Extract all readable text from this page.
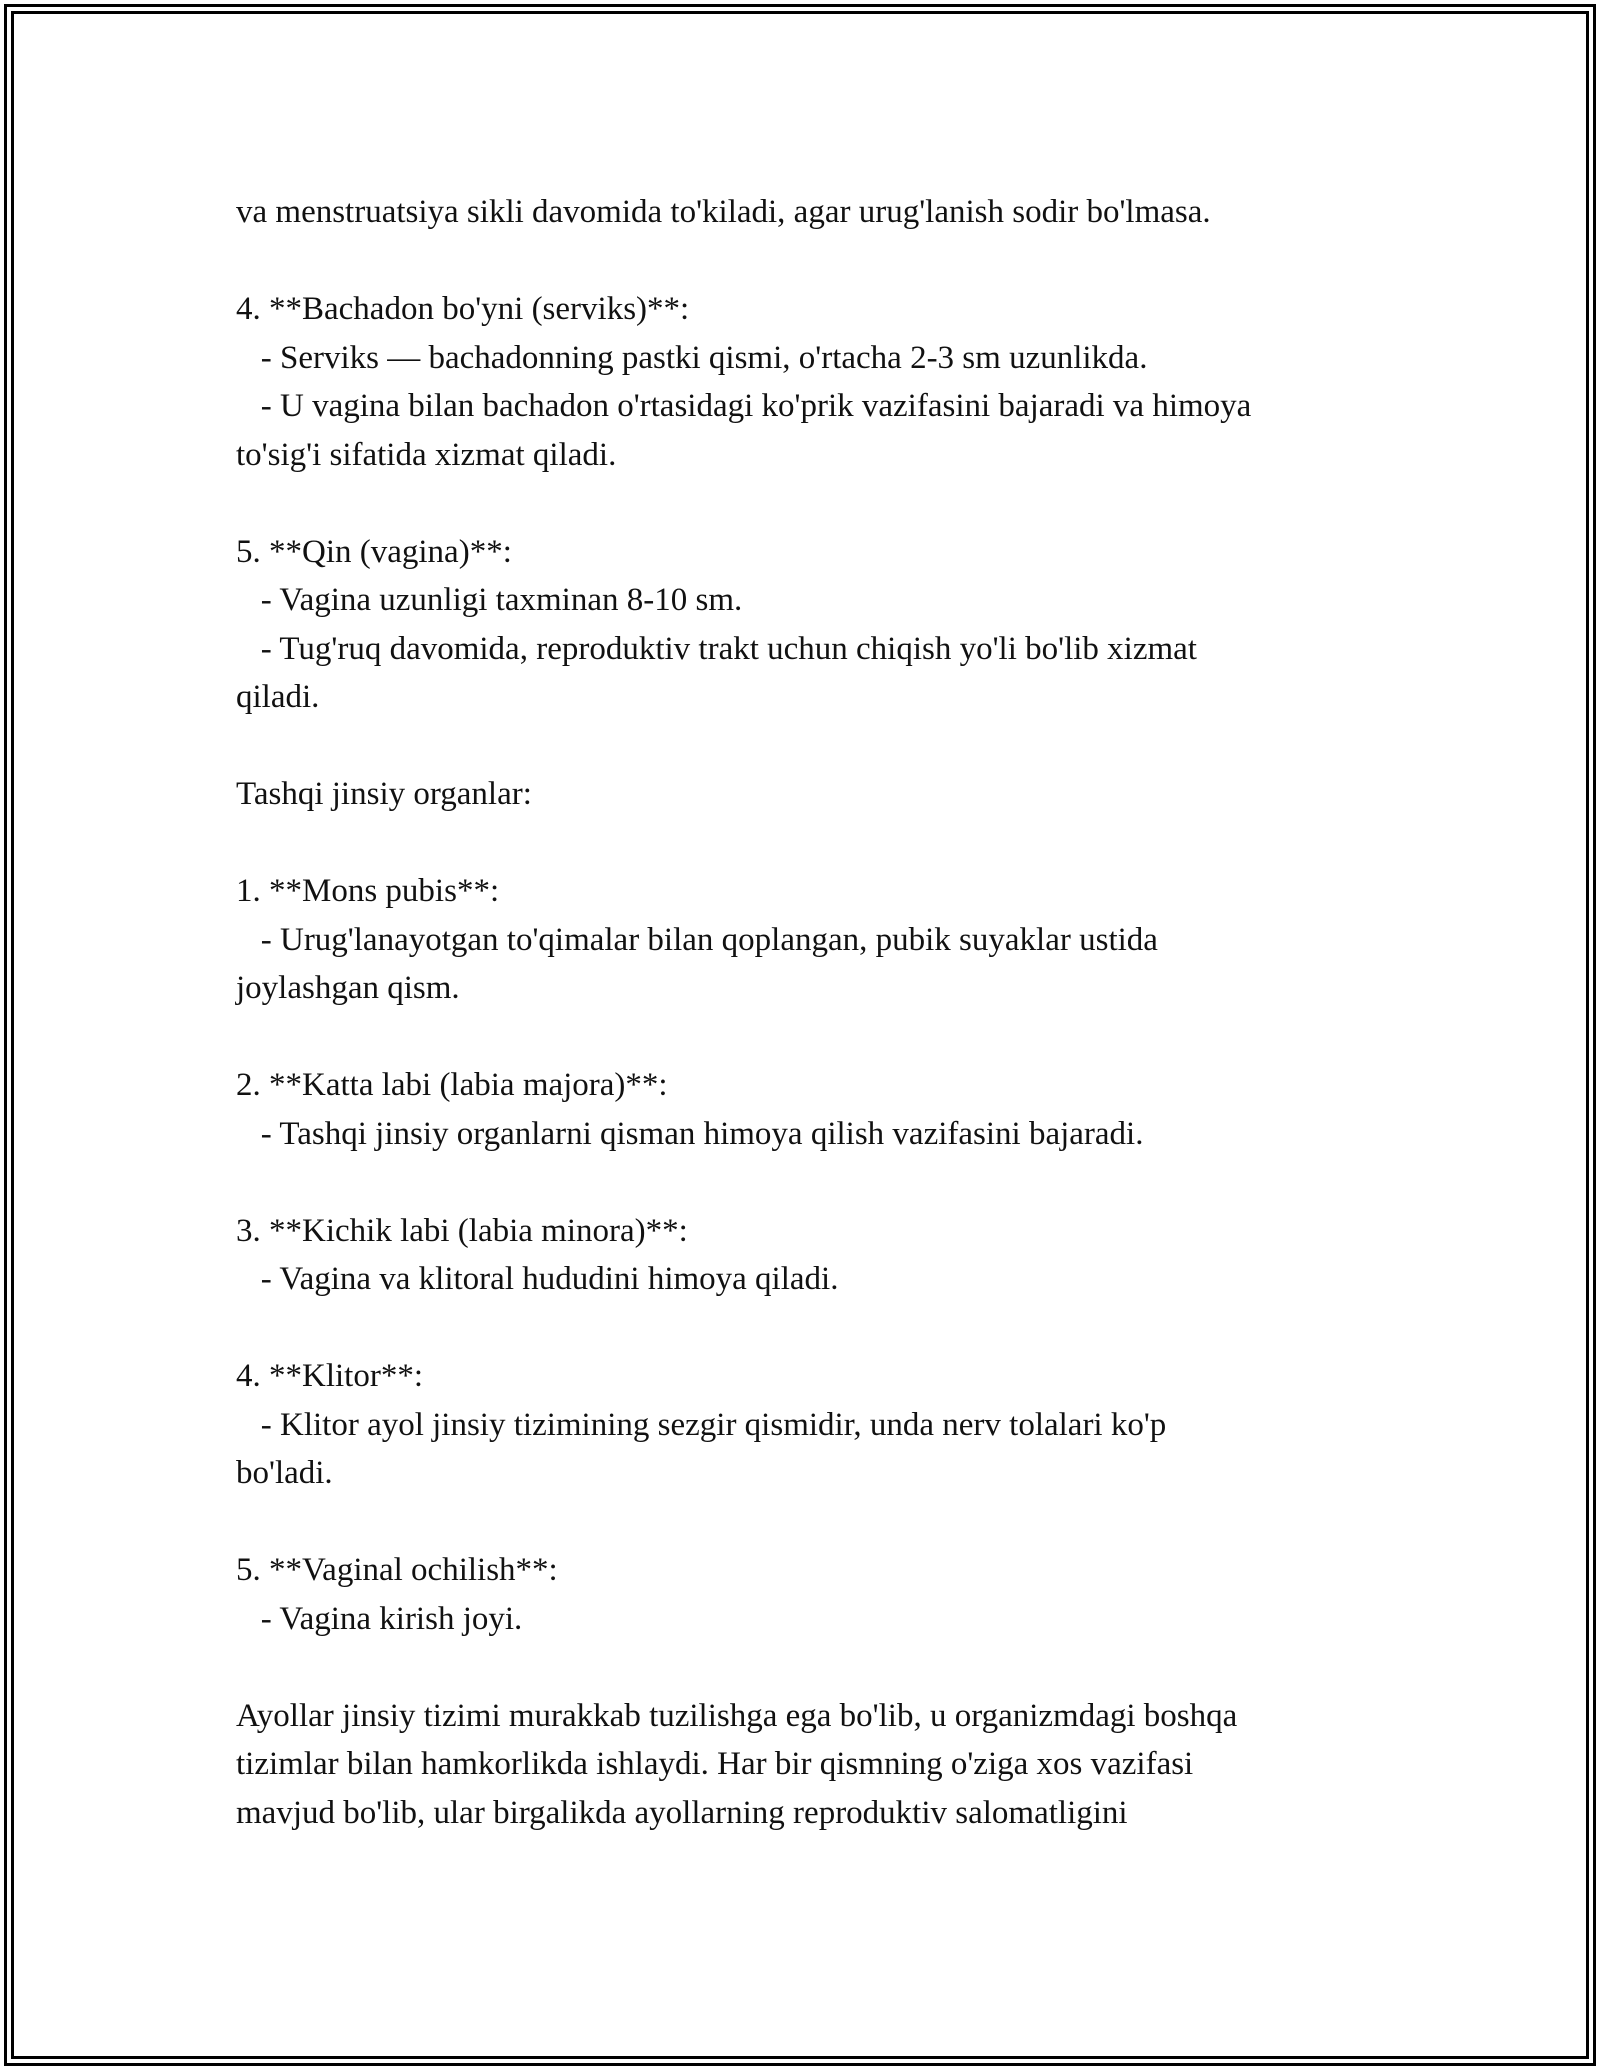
va menstruatsiya sikli davomida to'kiladi, agar urug'lanish sodir bo'lmasa.
4. **Bachadon bo'yni (serviks)**:
- Serviks — bachadonning pastki qismi, o'rtacha 2-3 sm uzunlikda.
- U vagina bilan bachadon o'rtasidagi ko'prik vazifasini bajaradi va himoya
to'sig'i sifatida xizmat qiladi.
5. **Qin (vagina)**:
- Vagina uzunligi taxminan 8-10 sm.
- Tug'ruq davomida, reproduktiv trakt uchun chiqish yo'li bo'lib xizmat
qiladi.
Tashqi jinsiy organlar:
1. **Mons pubis**:
- Urug'lanayotgan to'qimalar bilan qoplangan, pubik suyaklar ustida
joylashgan qism.
2. **Katta labi (labia majora)**:
- Tashqi jinsiy organlarni qisman himoya qilish vazifasini bajaradi.
3. **Kichik labi (labia minora)**:
- Vagina va klitoral hududini himoya qiladi.
4. **Klitor**:
- Klitor ayol jinsiy tizimining sezgir qismidir, unda nerv tolalari ko'p
bo'ladi.
5. **Vaginal ochilish**:
- Vagina kirish joyi.
Ayollar jinsiy tizimi murakkab tuzilishga ega bo'lib, u organizmdagi boshqa
tizimlar bilan hamkorlikda ishlaydi. Har bir qismning o'ziga xos vazifasi
mavjud bo'lib, ular birgalikda ayollarning reproduktiv salomatligini
